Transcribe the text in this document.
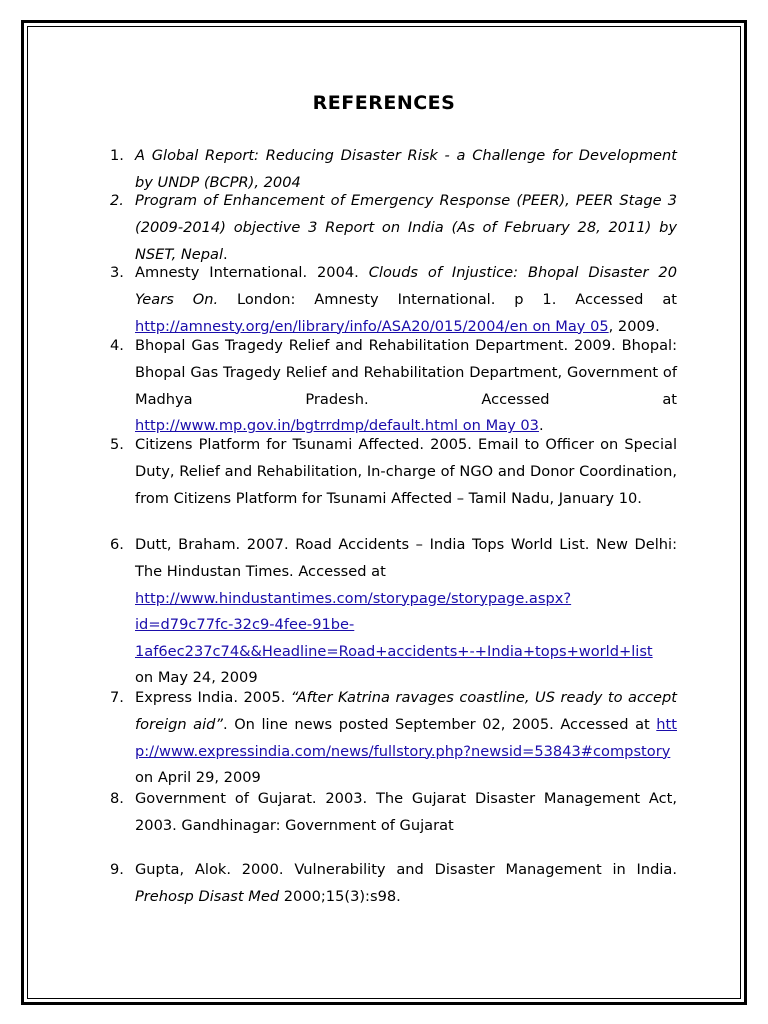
REFERENCES
1. A Global Report: Reducing Disaster Risk - a Challenge for Development by UNDP (BCPR), 2004
2. Program of Enhancement of Emergency Response (PEER), PEER Stage 3 (2009-2014) objective 3 Report on India (As of February 28, 2011) by NSET, Nepal.
3. Amnesty International. 2004. Clouds of Injustice: Bhopal Disaster 20 Years On. London: Amnesty International. p 1. Accessed at http://amnesty.org/en/library/info/ASA20/015/2004/en on May 05, 2009.
4. Bhopal Gas Tragedy Relief and Rehabilitation Department. 2009. Bhopal: Bhopal Gas Tragedy Relief and Rehabilitation Department, Government of Madhya Pradesh. Accessed at http://www.mp.gov.in/bgtrrdmp/default.html on May 03.
5. Citizens Platform for Tsunami Affected. 2005. Email to Officer on Special Duty, Relief and Rehabilitation, In-charge of NGO and Donor Coordination, from Citizens Platform for Tsunami Affected – Tamil Nadu, January 10.
6. Dutt, Braham. 2007. Road Accidents – India Tops World List. New Delhi: The Hindustan Times. Accessed at
http://www.hindustantimes.com/storypage/storypage.aspx?
id=d79c77fc-32c9-4fee-91be-
1af6ec237c74&&Headline=Road+accidents+-+India+tops+world+list
on May 24, 2009
7. Express India. 2005. “After Katrina ravages coastline, US ready to accept foreign aid”. On line news posted September 02, 2005. Accessed at http://www.expressindia.com/news/fullstory.php?newsid=53843#compstory on April 29, 2009
8. Government of Gujarat. 2003. The Gujarat Disaster Management Act, 2003. Gandhinagar: Government of Gujarat
9. Gupta, Alok. 2000. Vulnerability and Disaster Management in India. Prehosp Disast Med 2000;15(3):s98.
